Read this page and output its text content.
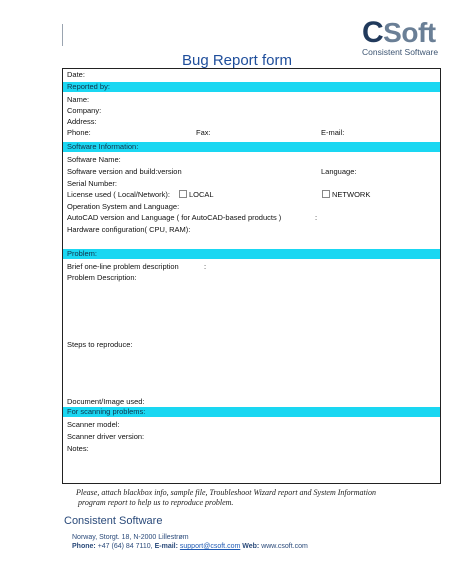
CSoft
Consistent Software
Bug Report form
Date:
Reported by:
Name:
Company:
Address:
Phone:	Fax:	E-mail:
Software Information:
Software Name:
Software version and build:version	Language:
Serial Number:
License used ( Local/Network):	LOCAL	NETWORK
Operation System and Language:
AutoCAD version and Language ( for AutoCAD-based products )	:
Hardware configuration( CPU, RAM):
Problem:
Brief one-line problem description	:
Problem Description:
Steps to reproduce:
Document/Image used:
For scanning problems:
Scanner model:
Scanner driver version:
Notes:

Please, attach blackbox info, sample file, Troubleshoot Wizard report and System Information

program report to help us to reproduce problem.

Consistent Software
Norway, Storgt. 18, N-2000 Lillestrøm
Phone: +47 (64) 84 7110, E-mail: support@csoft.com Web: www.csoft.com
